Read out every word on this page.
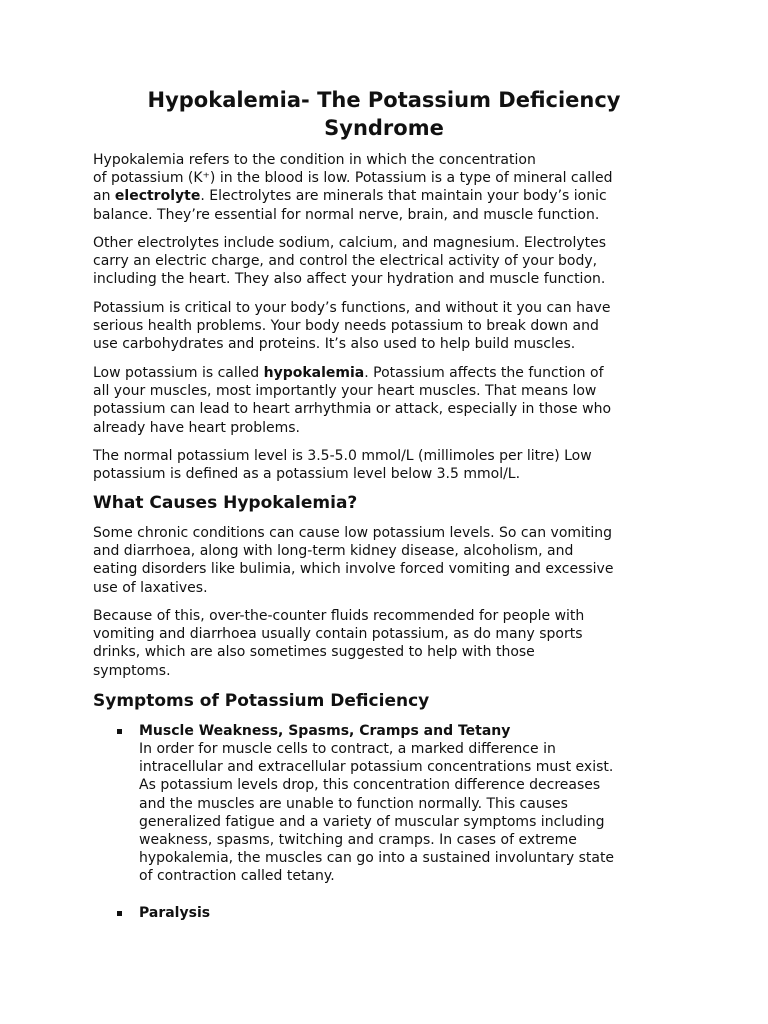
Hypokalemia- The Potassium Deficiency
Syndrome

Hypokalemia refers to the condition in which the concentration
of potassium (K⁺) in the blood is low. Potassium is a type of mineral called
an electrolyte. Electrolytes are minerals that maintain your body’s ionic
balance. They’re essential for normal nerve, brain, and muscle function.

Other electrolytes include sodium, calcium, and magnesium. Electrolytes
carry an electric charge, and control the electrical activity of your body,
including the heart. They also affect your hydration and muscle function.

Potassium is critical to your body’s functions, and without it you can have
serious health problems. Your body needs potassium to break down and
use carbohydrates and proteins. It’s also used to help build muscles.

Low potassium is called hypokalemia. Potassium affects the function of
all your muscles, most importantly your heart muscles. That means low
potassium can lead to heart arrhythmia or attack, especially in those who
already have heart problems.

The normal potassium level is 3.5-5.0 mmol/L (millimoles per litre) Low
potassium is defined as a potassium level below 3.5 mmol/L.

What Causes Hypokalemia?

Some chronic conditions can cause low potassium levels. So can vomiting
and diarrhoea, along with long-term kidney disease, alcoholism, and
eating disorders like bulimia, which involve forced vomiting and excessive
use of laxatives.

Because of this, over-the-counter fluids recommended for people with
vomiting and diarrhoea usually contain potassium, as do many sports
drinks, which are also sometimes suggested to help with those
symptoms.

Symptoms of Potassium Deficiency

Muscle Weakness, Spasms, Cramps and Tetany

In order for muscle cells to contract, a marked difference in
intracellular and extracellular potassium concentrations must exist.
As potassium levels drop, this concentration difference decreases
and the muscles are unable to function normally. This causes
generalized fatigue and a variety of muscular symptoms including
weakness, spasms, twitching and cramps. In cases of extreme
hypokalemia, the muscles can go into a sustained involuntary state
of contraction called tetany.

Paralysis
